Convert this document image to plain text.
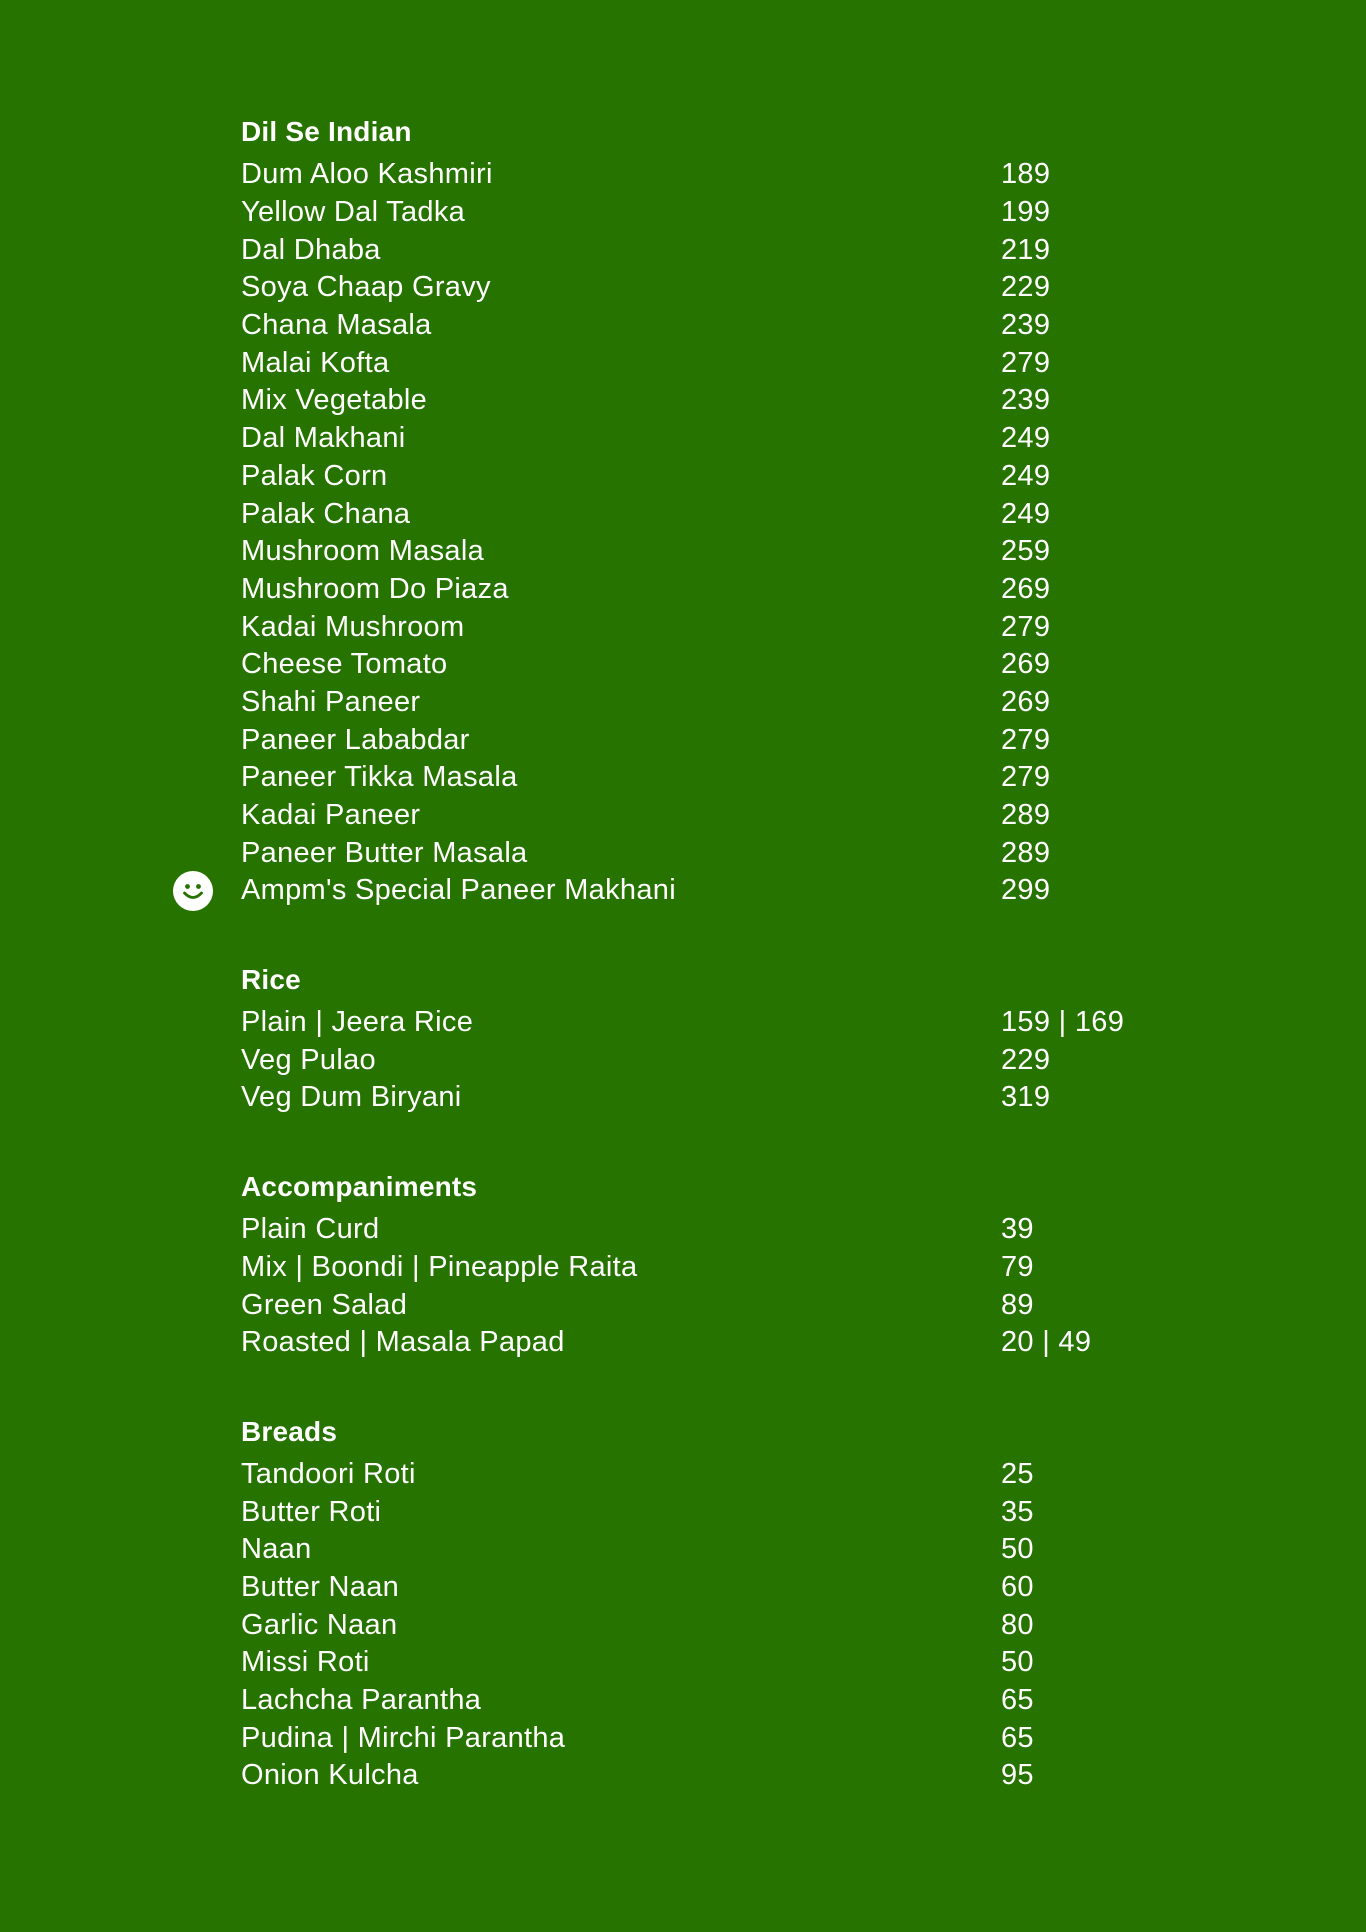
Dil Se Indian
Dum Aloo Kashmiri	189
Yellow Dal Tadka	199
Dal Dhaba	219
Soya Chaap Gravy	229
Chana Masala	239
Malai Kofta	279
Mix Vegetable	239
Dal Makhani	249
Palak Corn	249
Palak Chana	249
Mushroom Masala	259
Mushroom Do Piaza	269
Kadai Mushroom	279
Cheese Tomato	269
Shahi Paneer	269
Paneer Lababdar	279
Paneer Tikka Masala	279
Kadai Paneer	289
Paneer Butter Masala	289
Ampm's Special Paneer Makhani	299
Rice
Plain | Jeera Rice	159 | 169
Veg Pulao	229
Veg Dum Biryani	319
Accompaniments
Plain Curd	39
Mix | Boondi | Pineapple Raita	79
Green Salad	89
Roasted | Masala Papad	20 | 49
Breads
Tandoori Roti	25
Butter Roti	35
Naan	50
Butter Naan	60
Garlic Naan	80
Missi Roti	50
Lachcha Parantha	65
Pudina | Mirchi Parantha	65
Onion Kulcha	95
